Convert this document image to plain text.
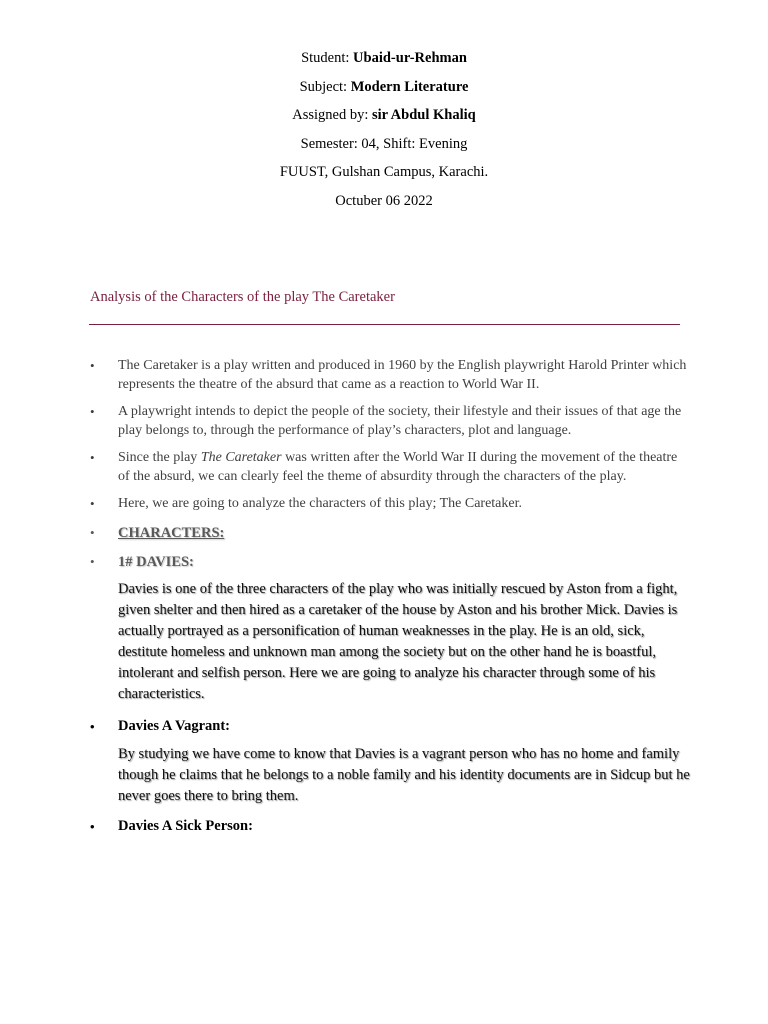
Student: Ubaid-ur-Rehman
Subject: Modern Literature
Assigned by: sir Abdul Khaliq
Semester: 04, Shift: Evening
FUUST, Gulshan Campus, Karachi.
Octuber 06 2022
Analysis of the Characters of the play The Caretaker
• The Caretaker is a play written and produced in 1960 by the English playwright Harold Printer which represents the theatre of the absurd that came as a reaction to World War II.
• A playwright intends to depict the people of the society, their lifestyle and their issues of that age the play belongs to, through the performance of play’s characters, plot and language.
• Since the play The Caretaker was written after the World War II during the movement of the theatre of the absurd, we can clearly feel the theme of absurdity through the characters of the play.
• Here, we are going to analyze the characters of this play; The Caretaker.
• CHARACTERS:
• 1# DAVIES:
Davies is one of the three characters of the play who was initially rescued by Aston from a fight, given shelter and then hired as a caretaker of the house by Aston and his brother Mick. Davies is actually portrayed as a personification of human weaknesses in the play. He is an old, sick, destitute homeless and unknown man among the society but on the other hand he is boastful, intolerant and selfish person. Here we are going to analyze his character through some of his characteristics.
• Davies A Vagrant:
By studying we have come to know that Davies is a vagrant person who has no home and family though he claims that he belongs to a noble family and his identity documents are in Sidcup but he never goes there to bring them.
• Davies A Sick Person:
